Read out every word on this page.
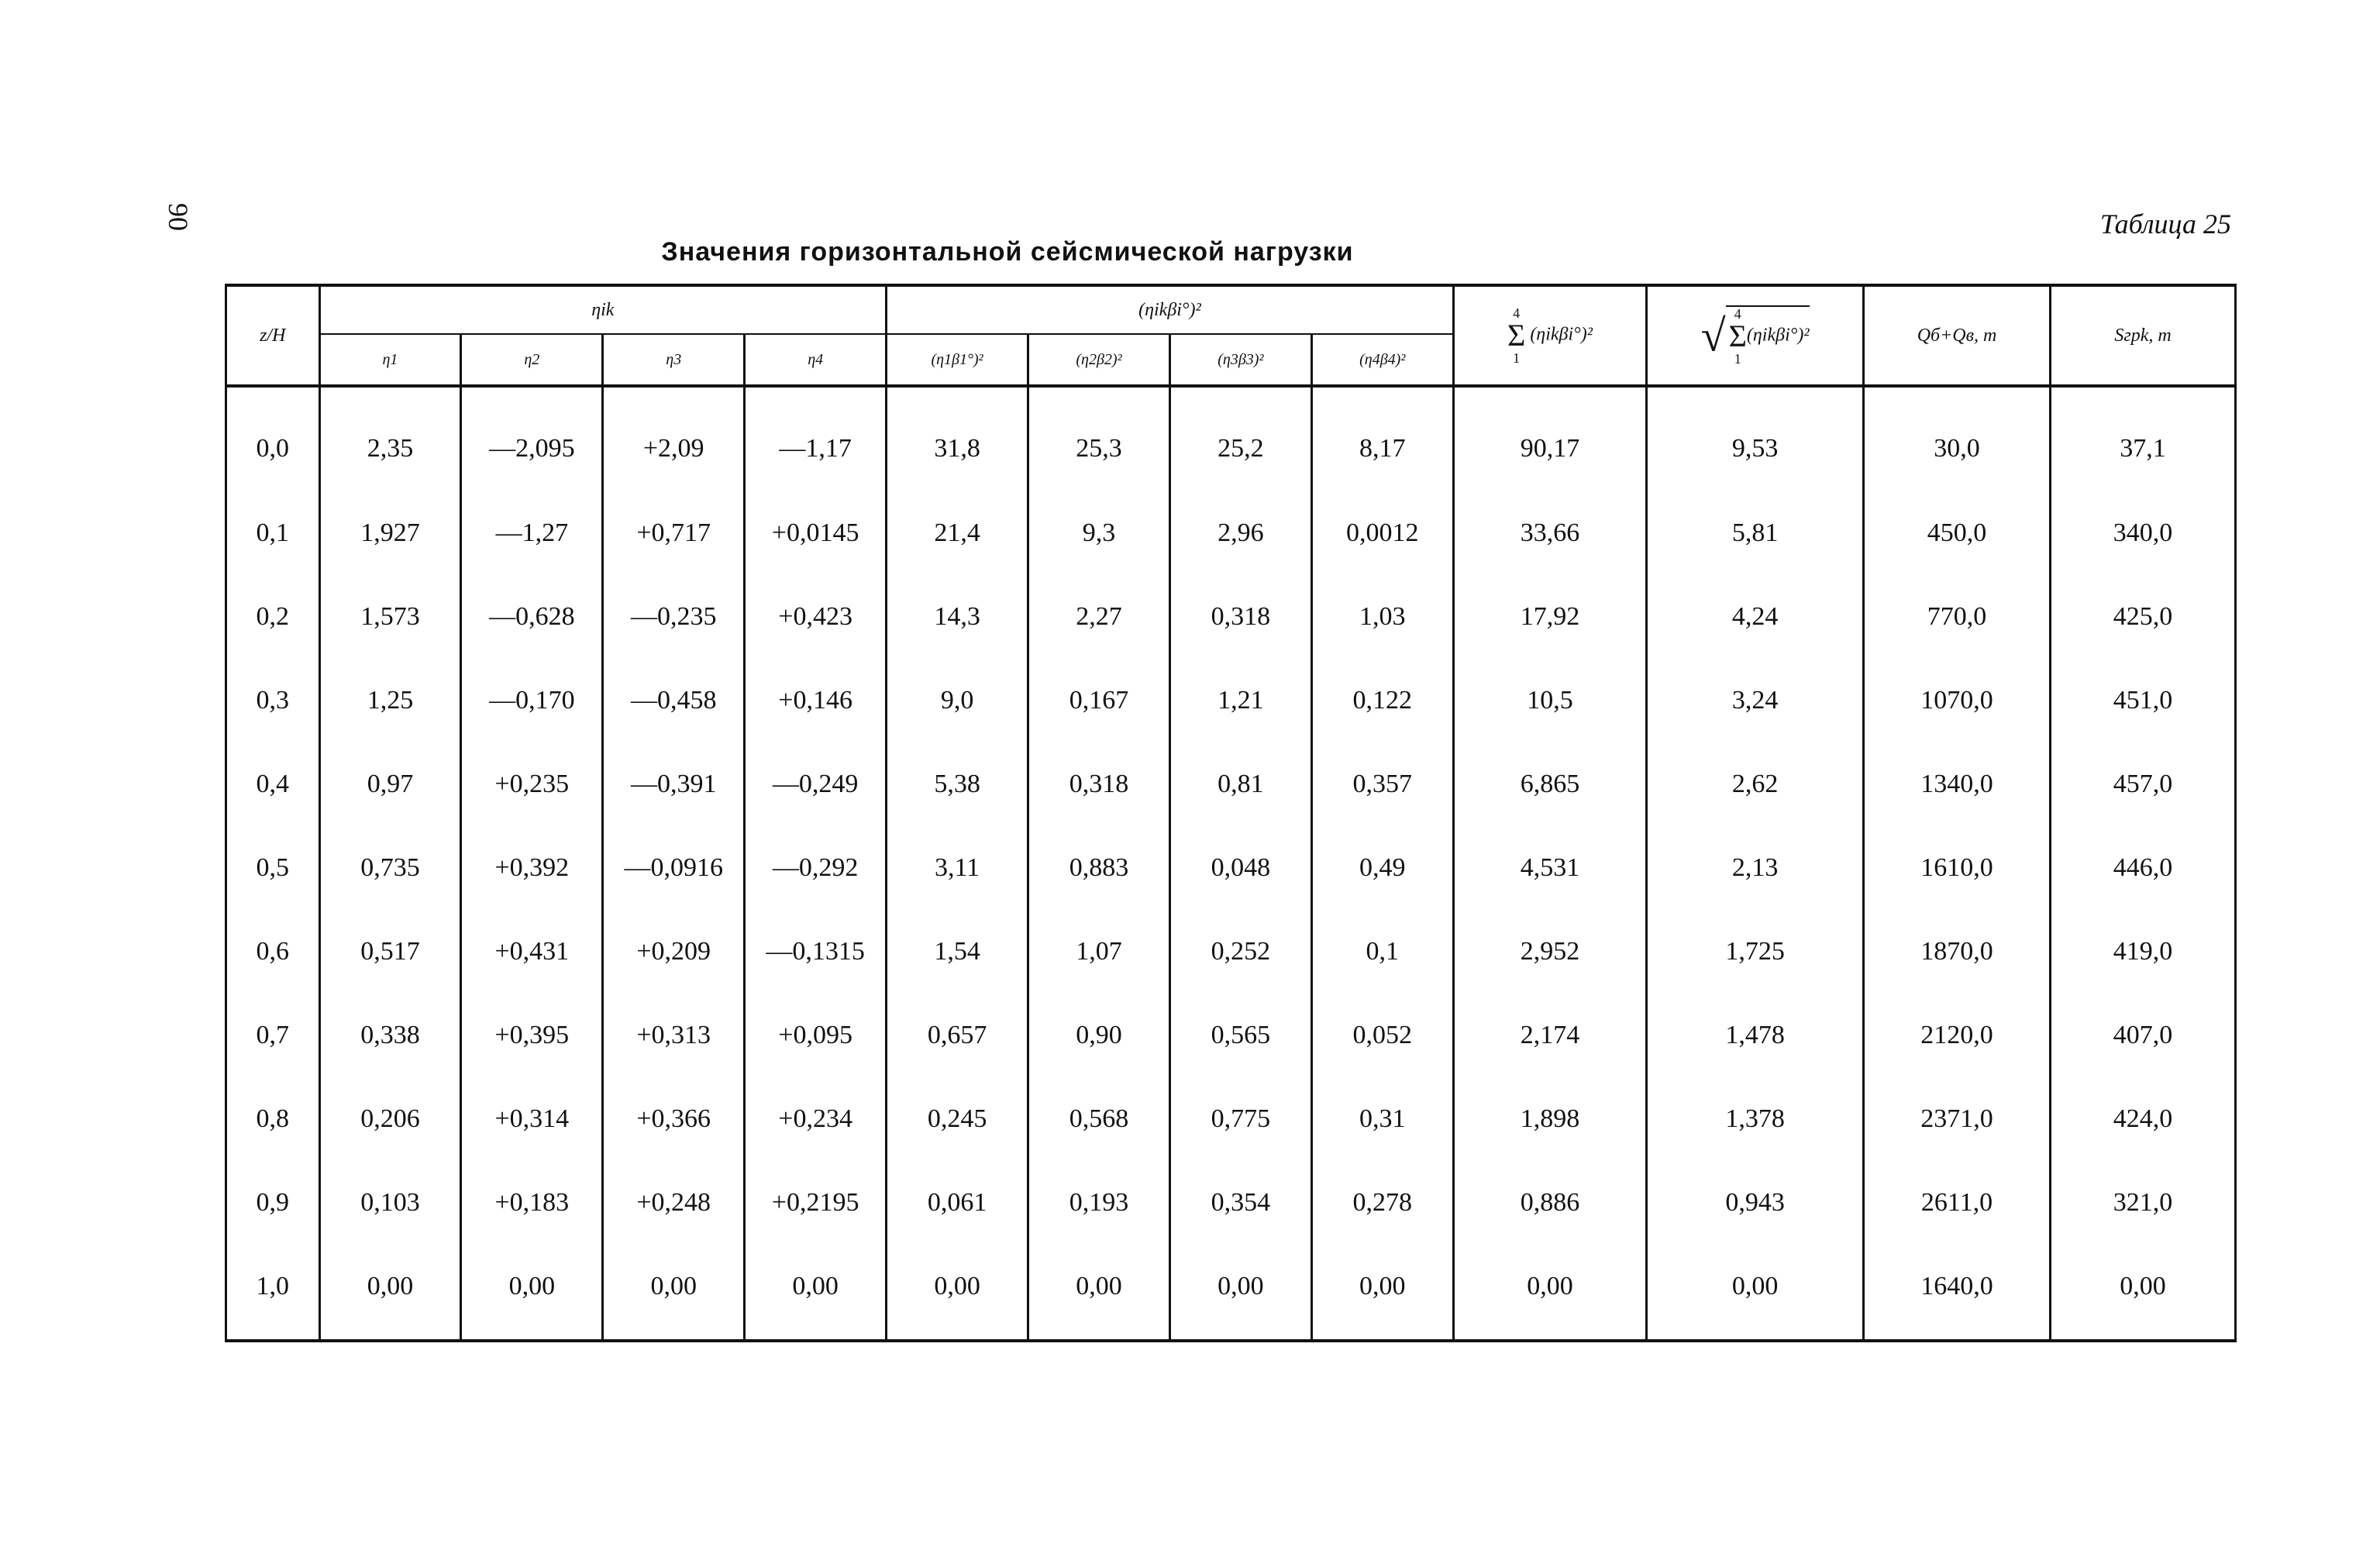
90	Таблица 25
Значения горизонтальной сейсмической нагрузки
z/H	ηik				(ηikβi°)²				4
Σ
1
(ηikβi°)²	√ 4
Σ
1
(ηikβi°)²	Qб+Qв, т	Sгpk, т
	η1	η2	η3	η4	(η1β1°)²	(η2β2)²	(η3β3)²	(η4β4)²				
0,0	2,35	—2,095	+2,09	—1,17	31,8	25,3	25,2	8,17	90,17	9,53	30,0	37,1
0,1	1,927	—1,27	+0,717	+0,0145	21,4	9,3	2,96	0,0012	33,66	5,81	450,0	340,0
0,2	1,573	—0,628	—0,235	+0,423	14,3	2,27	0,318	1,03	17,92	4,24	770,0	425,0
0,3	1,25	—0,170	—0,458	+0,146	9,0	0,167	1,21	0,122	10,5	3,24	1070,0	451,0
0,4	0,97	+0,235	—0,391	—0,249	5,38	0,318	0,81	0,357	6,865	2,62	1340,0	457,0
0,5	0,735	+0,392	—0,0916	—0,292	3,11	0,883	0,048	0,49	4,531	2,13	1610,0	446,0
0,6	0,517	+0,431	+0,209	—0,1315	1,54	1,07	0,252	0,1	2,952	1,725	1870,0	419,0
0,7	0,338	+0,395	+0,313	+0,095	0,657	0,90	0,565	0,052	2,174	1,478	2120,0	407,0
0,8	0,206	+0,314	+0,366	+0,234	0,245	0,568	0,775	0,31	1,898	1,378	2371,0	424,0
0,9	0,103	+0,183	+0,248	+0,2195	0,061	0,193	0,354	0,278	0,886	0,943	2611,0	321,0
1,0	0,00	0,00	0,00	0,00	0,00	0,00	0,00	0,00	0,00	0,00	1640,0	0,00
